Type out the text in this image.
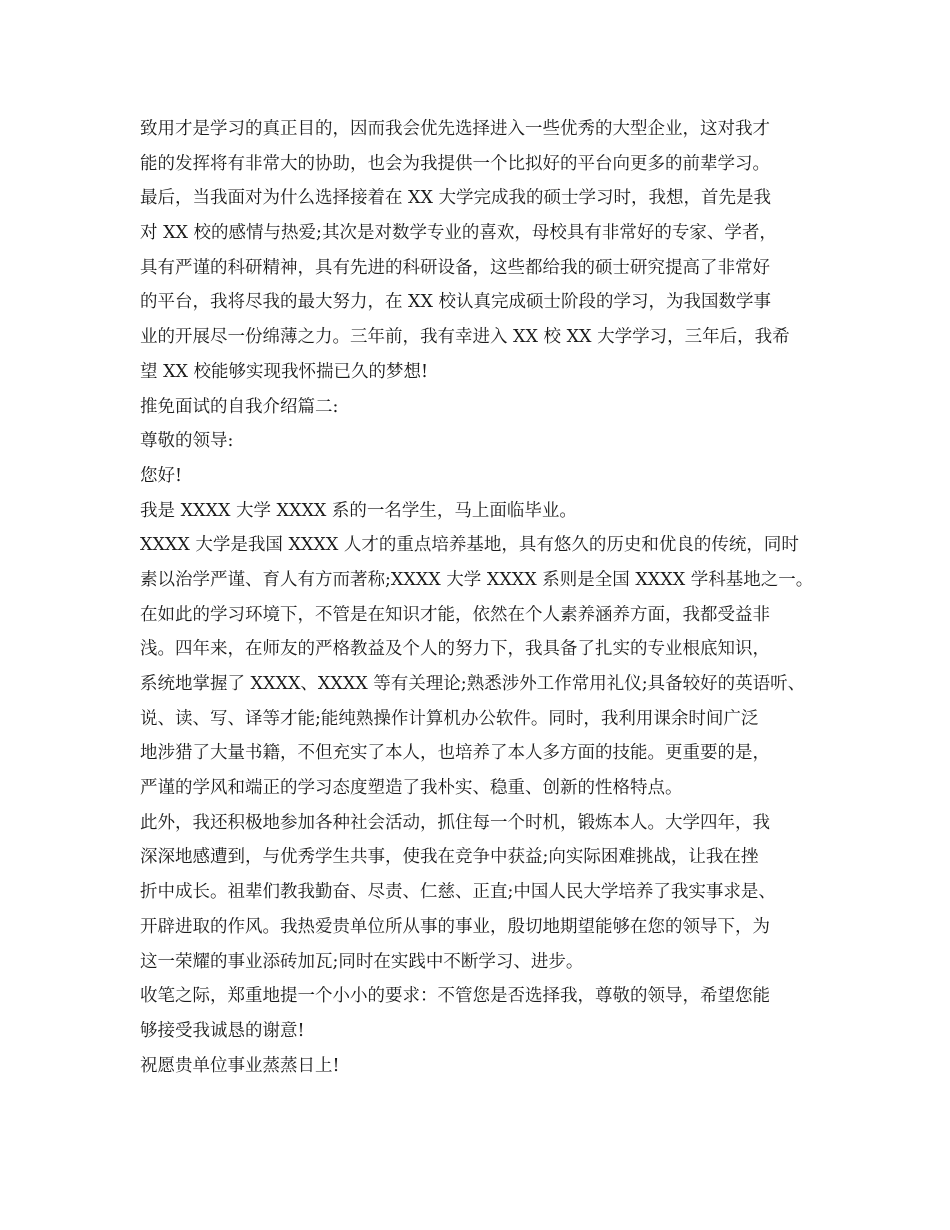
致用才是学习的真正目的，因而我会优先选择进入一些优秀的大型企业，这对我才
能的发挥将有非常大的协助，也会为我提供一个比拟好的平台向更多的前辈学习。
最后，当我面对为什么选择接着在 XX 大学完成我的硕士学习时，我想，首先是我
对 XX 校的感情与热爱;其次是对数学专业的喜欢，母校具有非常好的专家、学者，
具有严谨的科研精神，具有先进的科研设备，这些都给我的硕士研究提高了非常好
的平台，我将尽我的最大努力，在 XX 校认真完成硕士阶段的学习，为我国数学事
业的开展尽一份绵薄之力。三年前，我有幸进入 XX 校 XX 大学学习，三年后，我希
望 XX 校能够实现我怀揣已久的梦想!
推免面试的自我介绍篇二:
尊敬的领导:
您好!
我是 XXXX 大学 XXXX 系的一名学生，马上面临毕业。
XXXX 大学是我国 XXXX 人才的重点培养基地，具有悠久的历史和优良的传统，同时
素以治学严谨、育人有方而著称;XXXX 大学 XXXX 系则是全国 XXXX 学科基地之一。
在如此的学习环境下，不管是在知识才能，依然在个人素养涵养方面，我都受益非
浅。四年来，在师友的严格教益及个人的努力下，我具备了扎实的专业根底知识，
系统地掌握了 XXXX、XXXX 等有关理论;熟悉涉外工作常用礼仪;具备较好的英语听、
说、读、写、译等才能;能纯熟操作计算机办公软件。同时，我利用课余时间广泛
地涉猎了大量书籍，不但充实了本人，也培养了本人多方面的技能。更重要的是，
严谨的学风和端正的学习态度塑造了我朴实、稳重、创新的性格特点。
此外，我还积极地参加各种社会活动，抓住每一个时机，锻炼本人。大学四年，我
深深地感遭到，与优秀学生共事，使我在竞争中获益;向实际困难挑战，让我在挫
折中成长。祖辈们教我勤奋、尽责、仁慈、正直;中国人民大学培养了我实事求是、
开辟进取的作风。我热爱贵单位所从事的事业，殷切地期望能够在您的领导下，为
这一荣耀的事业添砖加瓦;同时在实践中不断学习、进步。
收笔之际，郑重地提一个小小的要求：不管您是否选择我，尊敬的领导，希望您能
够接受我诚恳的谢意!
祝愿贵单位事业蒸蒸日上!
